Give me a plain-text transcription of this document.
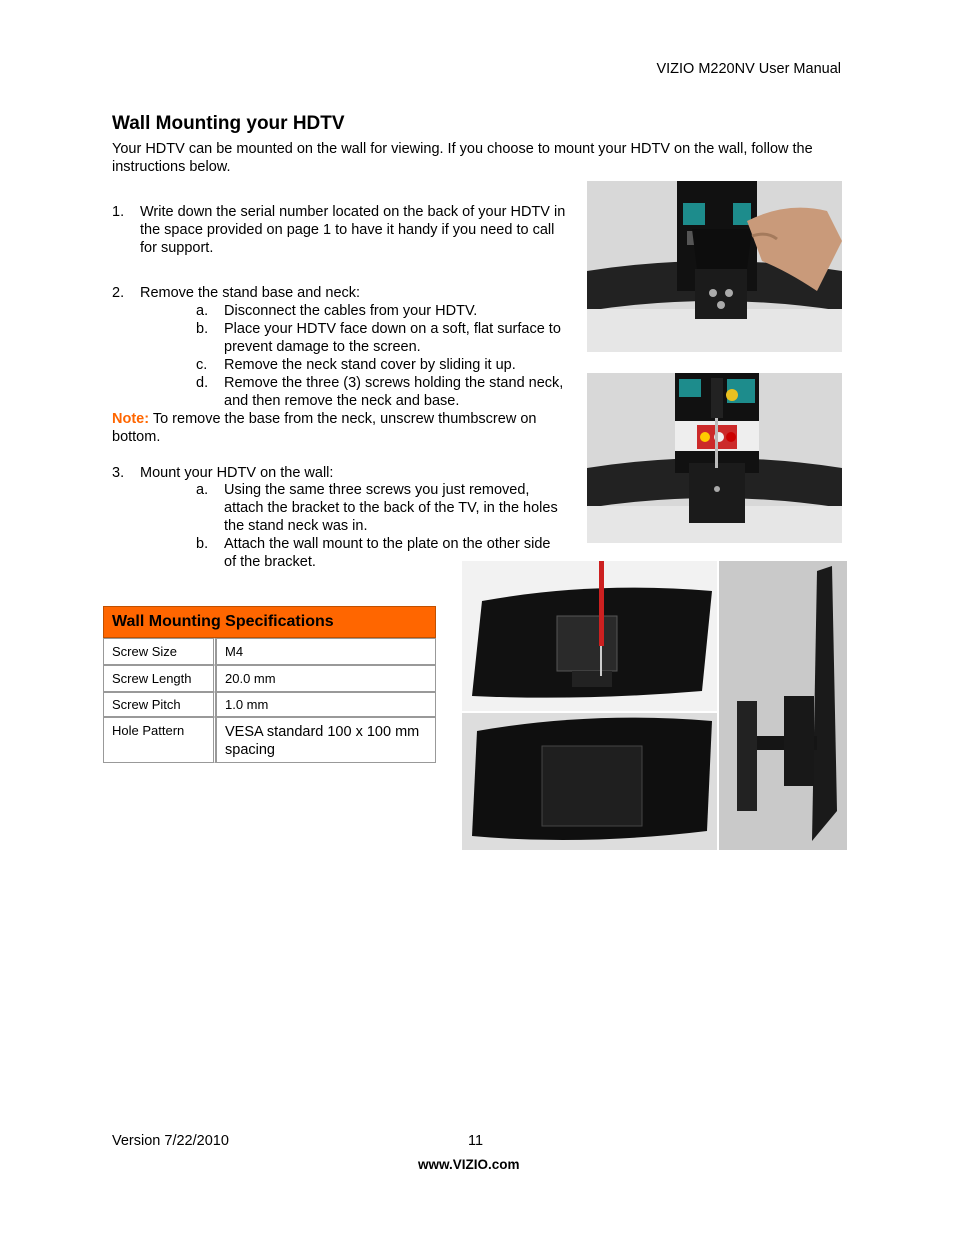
VIZIO M220NV User Manual
Wall Mounting your HDTV
Your HDTV can be mounted on the wall for viewing. If you choose to mount your HDTV on the wall, follow the instructions below.
1. Write down the serial number located on the back of your HDTV in the space provided on page 1 to have it handy if you need to call for support.
2. Remove the stand base and neck:
a. Disconnect the cables from your HDTV.
b. Place your HDTV face down on a soft, flat surface to prevent damage to the screen.
c. Remove the neck stand cover by sliding it up.
d. Remove the three (3) screws holding the stand neck, and then remove the neck and base.
Note: To remove the base from the neck, unscrew thumbscrew on bottom.
3. Mount your HDTV on the wall:
a. Using the same three screws you just removed, attach the bracket to the back of the TV, in the holes the stand neck was in.
b. Attach the wall mount to the plate on the other side of the bracket.
Wall Mounting Specifications	
Screw Size	M4
Screw Length	20.0 mm
Screw Pitch	1.0 mm
Hole Pattern	VESA standard 100 x 100 mm spacing
Version 7/22/2010	11
www.VIZIO.com
